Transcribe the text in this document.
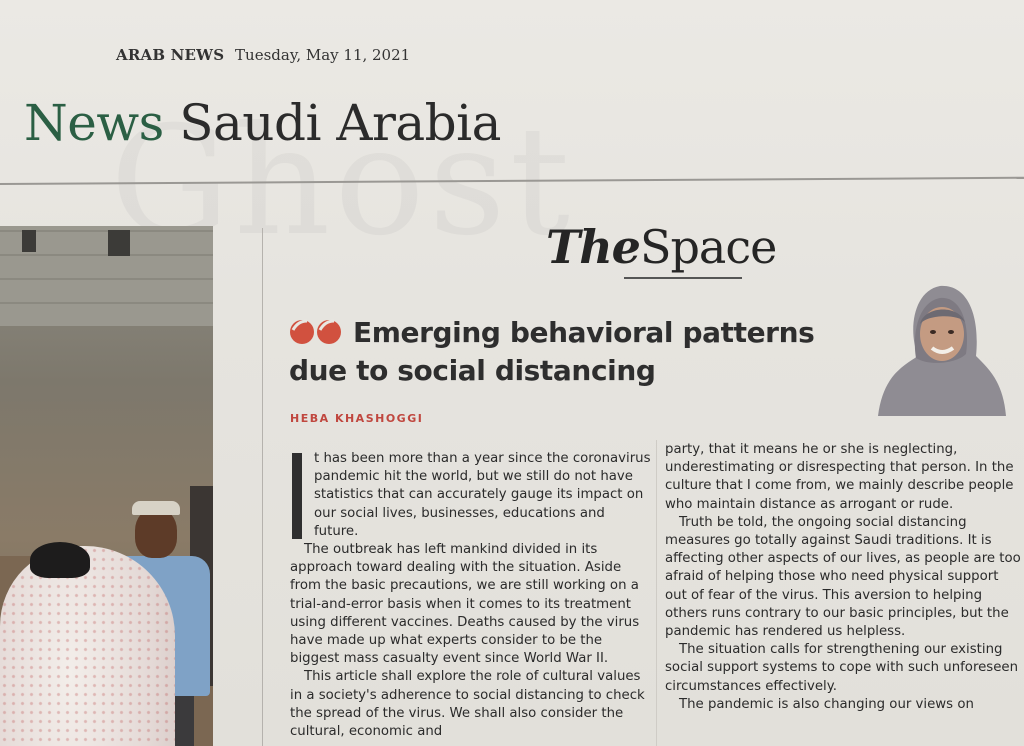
ARAB NEWS Tuesday, May 11, 2021
News Saudi Arabia
TheSpace
Emerging behavioral patterns
due to social distancing
HEBA KHASHOGGI

t has been more than a year since the coronavirus pandemic hit the world, but we still do not have statistics that can accurately gauge its impact on our social lives, businesses, educations and future.

The outbreak has left mankind divided in its approach toward dealing with the situation. Aside from the basic precautions, we are still working on a trial-and-error basis when it comes to its treatment using different vaccines. Deaths caused by the virus have made up what experts consider to be the biggest mass casualty event since World War II.

This article shall explore the role of cultural values in a society's adherence to social distancing to check the spread of the virus. We shall also consider the cultural, economic and

party, that it means he or she is neglecting, underestimating or disrespecting that person. In the culture that I come from, we mainly describe people who maintain distance as arrogant or rude.

Truth be told, the ongoing social distancing measures go totally against Saudi traditions. It is affecting other aspects of our lives, as people are too afraid of helping those who need physical support out of fear of the virus. This aversion to helping others runs contrary to our basic principles, but the pandemic has rendered us helpless.

The situation calls for strengthening our existing social support systems to cope with such unforeseen circumstances effectively.

The pandemic is also changing our views on
